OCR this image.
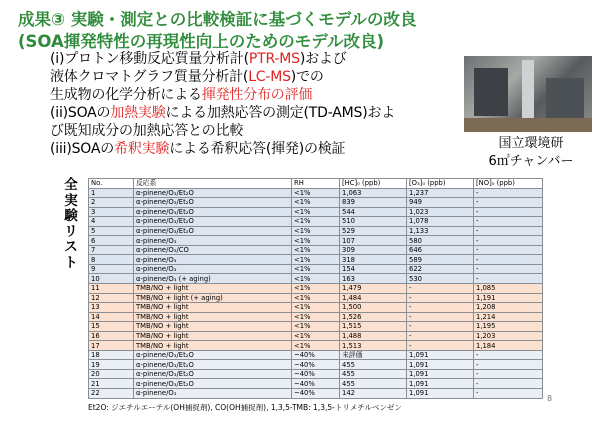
成果③ 実験・測定との比較検証に基づくモデルの改良
(SOA揮発特性の再現性向上のためのモデル改良)
(i)プロトン移動反応質量分析計(PTR-MS)および
液体クロマトグラフ質量分析計(LC-MS)での
生成物の化学分析による揮発性分布の評価
(ii)SOAの加熱実験による加熱応答の測定(TD-AMS)およ
び既知成分の加熱応答との比較
(iii)SOAの希釈実験による希釈応答(揮発)の検証	国立環境研
6㎥チャンバー
全
実
験
リ
ス
ト
No.	反応系	RH	[HC]₀ (ppb)	[O₃]₀ (ppb)	[NO]₀ (ppb)
1	α-pinene/O₃/Et₂O	<1%	1,063	1,237	-
2	α-pinene/O₃/Et₂O	<1%	839	949	-
3	α-pinene/O₃/Et₂O	<1%	544	1,023	-
4	α-pinene/O₃/Et₂O	<1%	510	1,078	-
5	α-pinene/O₃/Et₂O	<1%	529	1,133	-
6	α-pinene/O₃	<1%	107	580	-
7	α-pinene/O₃/CO	<1%	309	646	-
8	α-pinene/O₃	<1%	318	589	-
9	α-pinene/O₃	<1%	154	622	-
10	α-pinene/O₃ (+ aging)	<1%	163	530	-
11	TMB/NO + light	<1%	1,479	-	1,085
12	TMB/NO + light (+ aging)	<1%	1,484	-	1,191
13	TMB/NO + light	<1%	1,500	-	1,208
14	TMB/NO + light	<1%	1,526	-	1,214
15	TMB/NO + light	<1%	1,515	-	1,195
16	TMB/NO + light	<1%	1,488	-	1,203
17	TMB/NO + light	<1%	1,513	-	1,184
18	α-pinene/O₃/Et₂O	~40%	未評価	1,091	-
19	α-pinene/O₃/Et₂O	~40%	455	1,091	-
20	α-pinene/O₃/Et₂O	~40%	455	1,091	-
21	α-pinene/O₃/Et₂O	~40%	455	1,091	-
22	α-pinene/O₃	~40%	142	1,091	-
Et2O: ジエチルエーテル(OH捕捉剤), CO(OH捕捉剤), 1,3,5-TMB: 1,3,5-トリメチルベンゼン
8
